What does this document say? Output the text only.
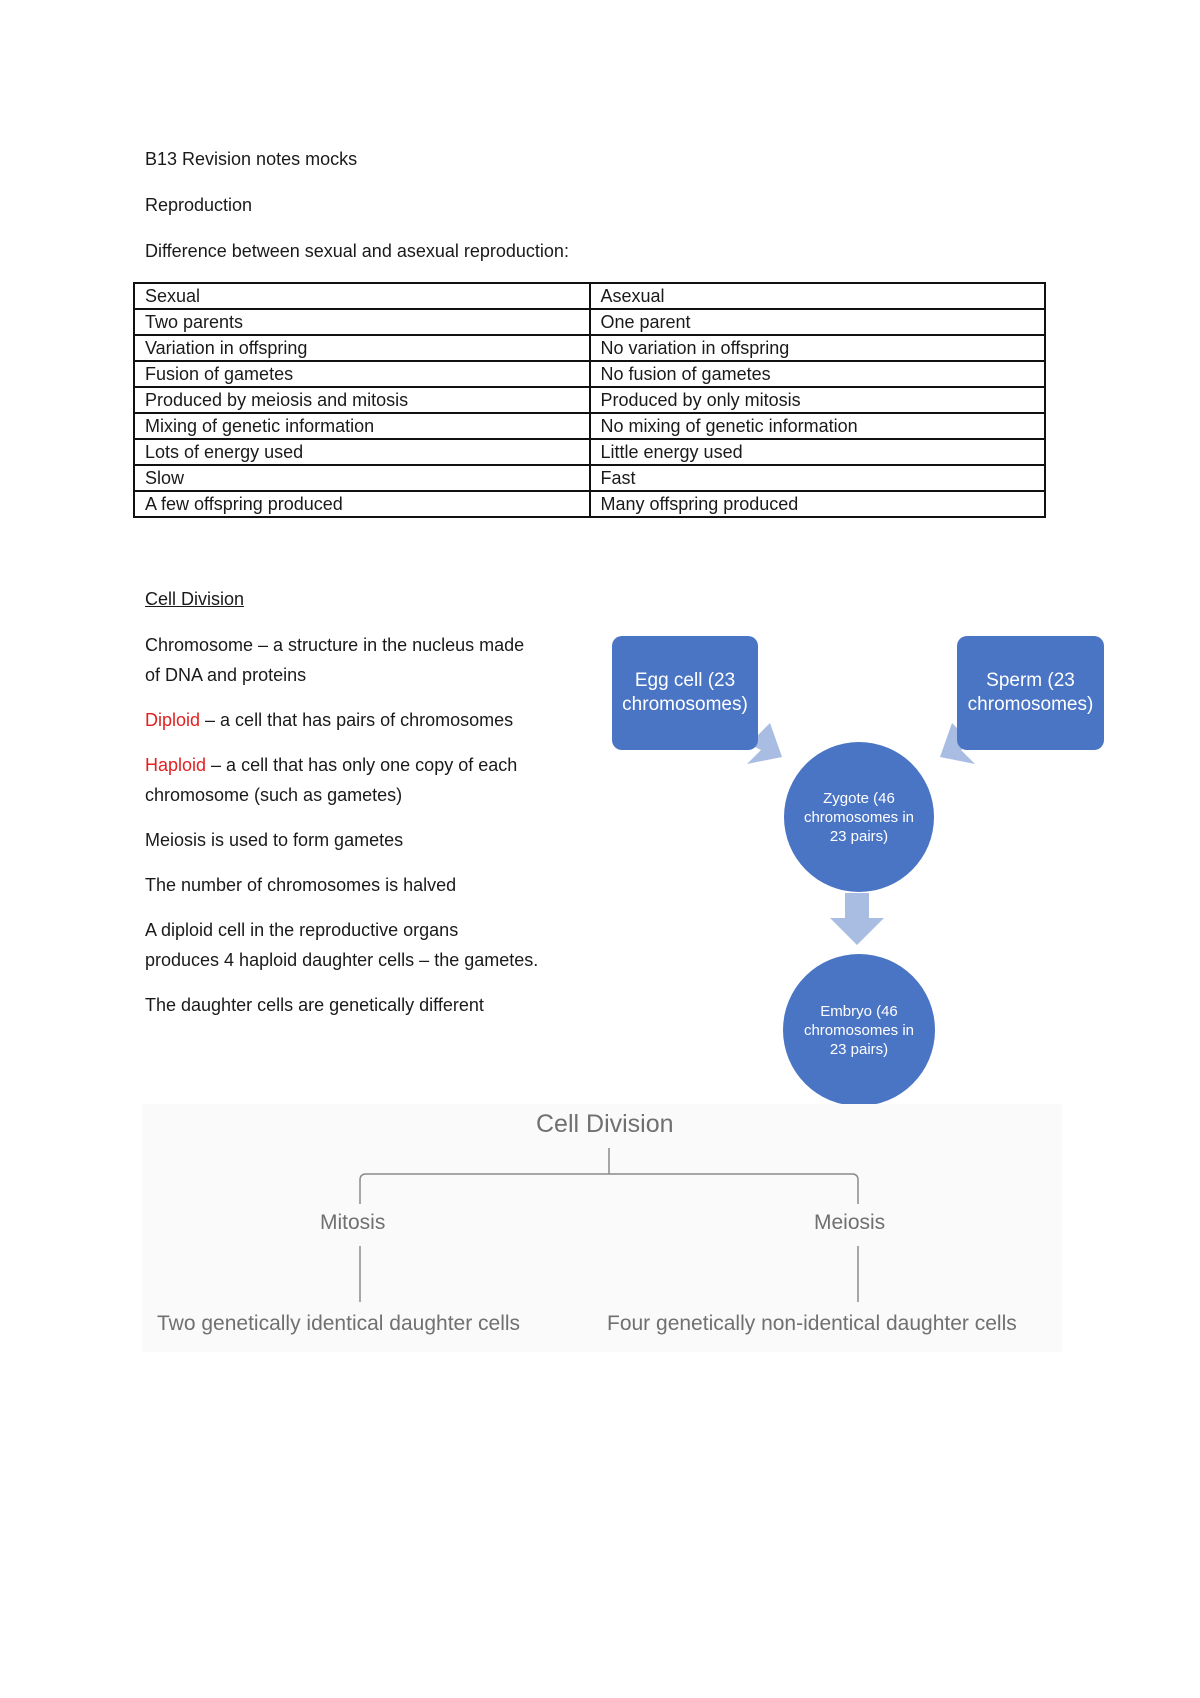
B13 Revision notes mocks
Reproduction
Difference between sexual and asexual reproduction:
Sexual	Asexual
Two parents	One parent
Variation in offspring	No variation in offspring
Fusion of gametes	No fusion of gametes
Produced by meiosis and mitosis	Produced by only mitosis
Mixing of genetic information	No mixing of genetic information
Lots of energy used	Little energy used
Slow	Fast
A few offspring produced	Many offspring produced
Cell Division
Chromosome – a structure in the nucleus made
of DNA and proteins
Diploid – a cell that has pairs of chromosomes
Haploid – a cell that has only one copy of each
chromosome (such as gametes)
Meiosis is used to form gametes
The number of chromosomes is halved
A diploid cell in the reproductive organs
produces 4 haploid daughter cells – the gametes.
The daughter cells are genetically different
Egg cell (23 chromosomes)
Sperm (23 chromosomes)
Zygote (46 chromosomes in 23 pairs)
Embryo (46 chromosomes in 23 pairs)
Cell Division
Mitosis	Meiosis
Two genetically identical daughter cells	Four genetically non-identical daughter cells
